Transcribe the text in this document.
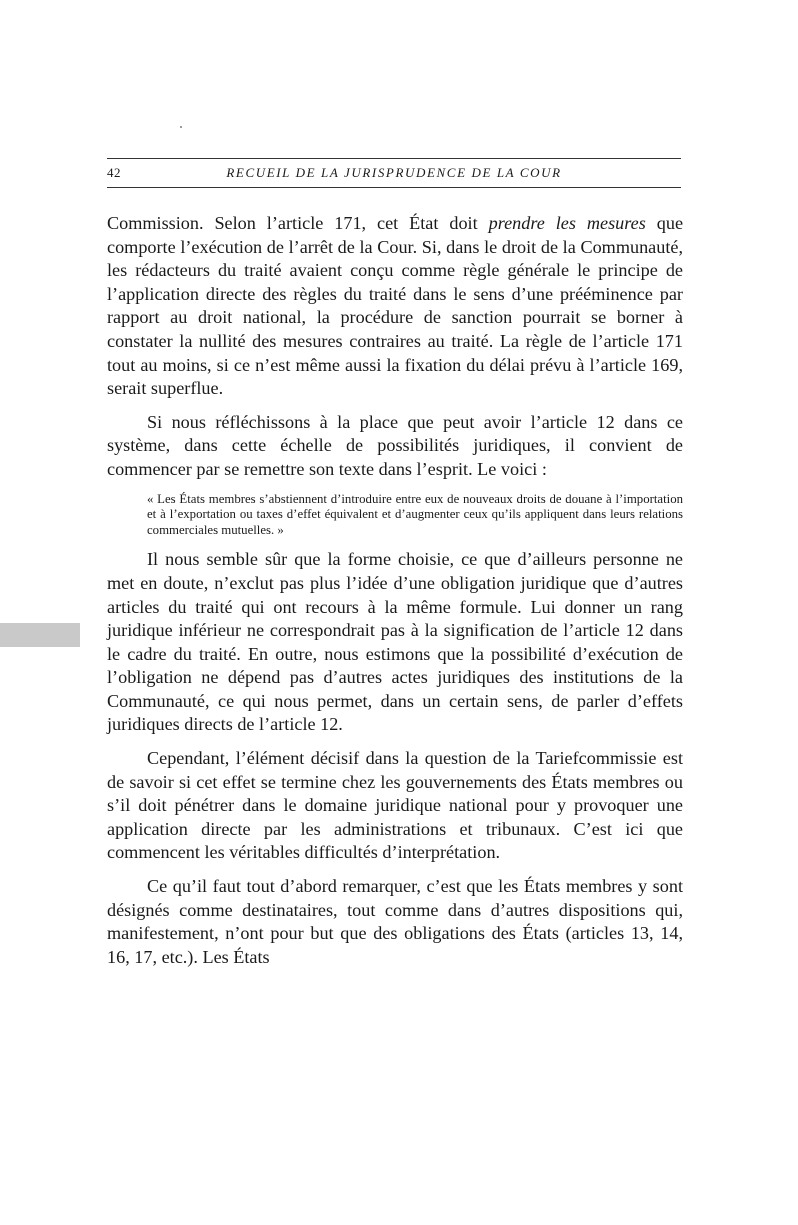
42	RECUEIL DE LA JURISPRUDENCE DE LA COUR

Commission. Selon l’article 171, cet État doit prendre les mesures que comporte l’exécution de l’arrêt de la Cour. Si, dans le droit de la Communauté, les rédacteurs du traité avaient conçu comme règle générale le principe de l’application directe des règles du traité dans le sens d’une prééminence par rapport au droit national, la procédure de sanction pourrait se borner à constater la nullité des mesures contraires au traité. La règle de l’article 171 tout au moins, si ce n’est même aussi la fixation du délai prévu à l’article 169, serait superflue.

Si nous réfléchissons à la place que peut avoir l’article 12 dans ce système, dans cette échelle de possibilités juridiques, il convient de commencer par se remettre son texte dans l’esprit. Le voici :

« Les États membres s’abstiennent d’introduire entre eux de nouveaux droits de douane à l’importation et à l’exportation ou taxes d’effet équivalent et d’augmenter ceux qu’ils appliquent dans leurs relations commerciales mutuelles. »

Il nous semble sûr que la forme choisie, ce que d’ailleurs personne ne met en doute, n’exclut pas plus l’idée d’une obligation juridique que d’autres articles du traité qui ont recours à la même formule. Lui donner un rang juridique inférieur ne correspondrait pas à la signification de l’article 12 dans le cadre du traité. En outre, nous estimons que la possibilité d’exécution de l’obligation ne dépend pas d’autres actes juridiques des institutions de la Communauté, ce qui nous permet, dans un certain sens, de parler d’effets juridiques directs de l’article 12.

Cependant, l’élément décisif dans la question de la Tariefcommissie est de savoir si cet effet se termine chez les gouvernements des États membres ou s’il doit pénétrer dans le domaine juridique national pour y provoquer une application directe par les administrations et tribunaux. C’est ici que commencent les véritables difficultés d’interprétation.

Ce qu’il faut tout d’abord remarquer, c’est que les États membres y sont désignés comme destinataires, tout comme dans d’autres dispositions qui, manifestement, n’ont pour but que des obligations des États (articles 13, 14, 16, 17, etc.). Les États
